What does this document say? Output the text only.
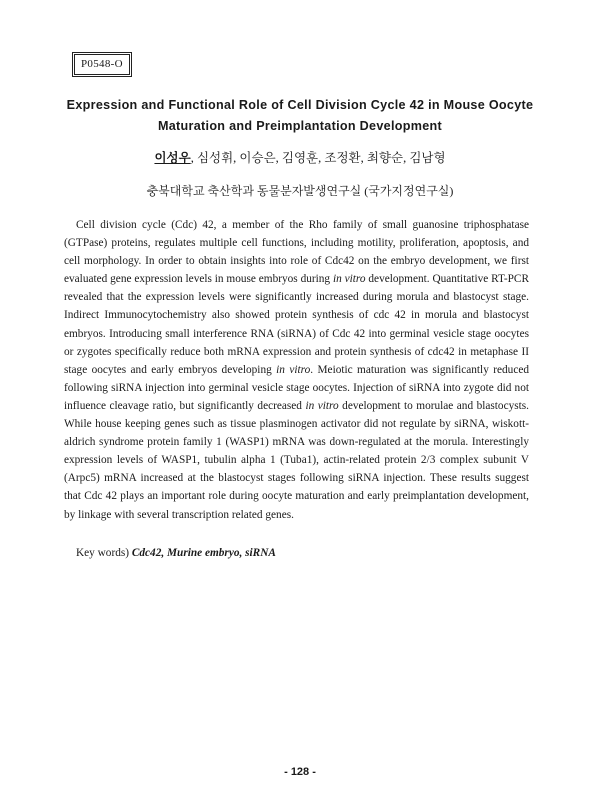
P0548-O
Expression and Functional Role of Cell Division Cycle 42 in Mouse Oocyte
Maturation and Preimplantation Development
이성우, 심성휘, 이승은, 김영훈, 조정환, 최향순, 김남형
충북대학교 축산학과 동물분자발생연구실 (국가지정연구실)

Cell division cycle (Cdc) 42, a member of the Rho family of small guanosine triphosphatase (GTPase) proteins, regulates multiple cell functions, including motility, proliferation, apoptosis, and cell morphology. In order to obtain insights into role of Cdc42 on the embryo development, we first evaluated gene expression levels in mouse embryos during in vitro development. Quantitative RT-PCR revealed that the expression levels were significantly increased during morula and blastocyst stage. Indirect Immunocytochemistry also showed protein synthesis of cdc 42 in morula and blastocyst embryos. Introducing small interference RNA (siRNA) of Cdc 42 into germinal vesicle stage oocytes or zygotes specifically reduce both mRNA expression and protein synthesis of cdc42 in metaphase II stage oocytes and early embryos developing in vitro. Meiotic maturation was significantly reduced following siRNA injection into germinal vesicle stage oocytes. Injection of siRNA into zygote did not influence cleavage ratio, but significantly decreased in vitro development to morulae and blastocysts. While house keeping genes such as tissue plasminogen activator did not regulate by siRNA, wiskott-aldrich syndrome protein family 1 (WASP1) mRNA was down-regulated at the morula. Interestingly expression levels of WASP1, tubulin alpha 1 (Tuba1), actin-related protein 2/3 complex subunit V (Arpc5) mRNA increased at the blastocyst stages following siRNA injection. These results suggest that Cdc 42 plays an important role during oocyte maturation and early preimplantation development, by linkage with several transcription related genes.

Key words) Cdc42, Murine embryo, siRNA
- 128 -
